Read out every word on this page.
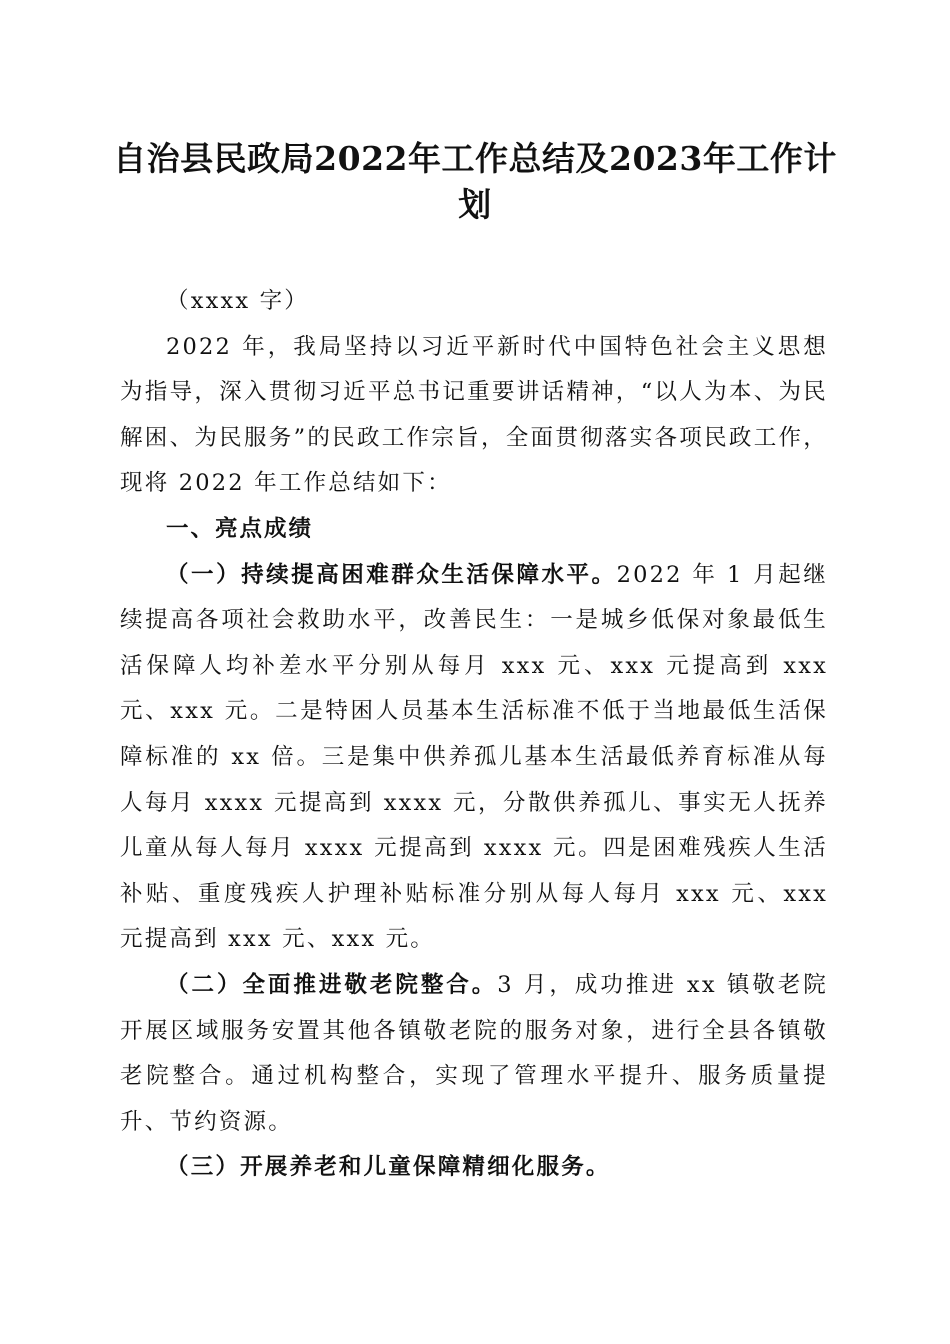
自治县民政局2022年工作总结及2023年工作计划

（xxxx 字）

2022 年，我局坚持以习近平新时代中国特色社会主义思想为指导，深入贯彻习近平总书记重要讲话精神，“以人为本、为民解困、为民服务”的民政工作宗旨，全面贯彻落实各项民政工作，现将 2022 年工作总结如下：

一、亮点成绩

（一）持续提高困难群众生活保障水平。2022 年 1 月起继续提高各项社会救助水平，改善民生：一是城乡低保对象最低生活保障人均补差水平分别从每月 xxx 元、xxx 元提高到 xxx 元、xxx 元。二是特困人员基本生活标准不低于当地最低生活保障标准的 xx 倍。三是集中供养孤儿基本生活最低养育标准从每人每月 xxxx 元提高到 xxxx 元，分散供养孤儿、事实无人抚养儿童从每人每月 xxxx 元提高到 xxxx 元。四是困难残疾人生活补贴、重度残疾人护理补贴标准分别从每人每月 xxx 元、xxx 元提高到 xxx 元、xxx 元。

（二）全面推进敬老院整合。3 月，成功推进 xx 镇敬老院开展区域服务安置其他各镇敬老院的服务对象，进行全县各镇敬老院整合。通过机构整合，实现了管理水平提升、服务质量提升、节约资源。

（三）开展养老和儿童保障精细化服务。
